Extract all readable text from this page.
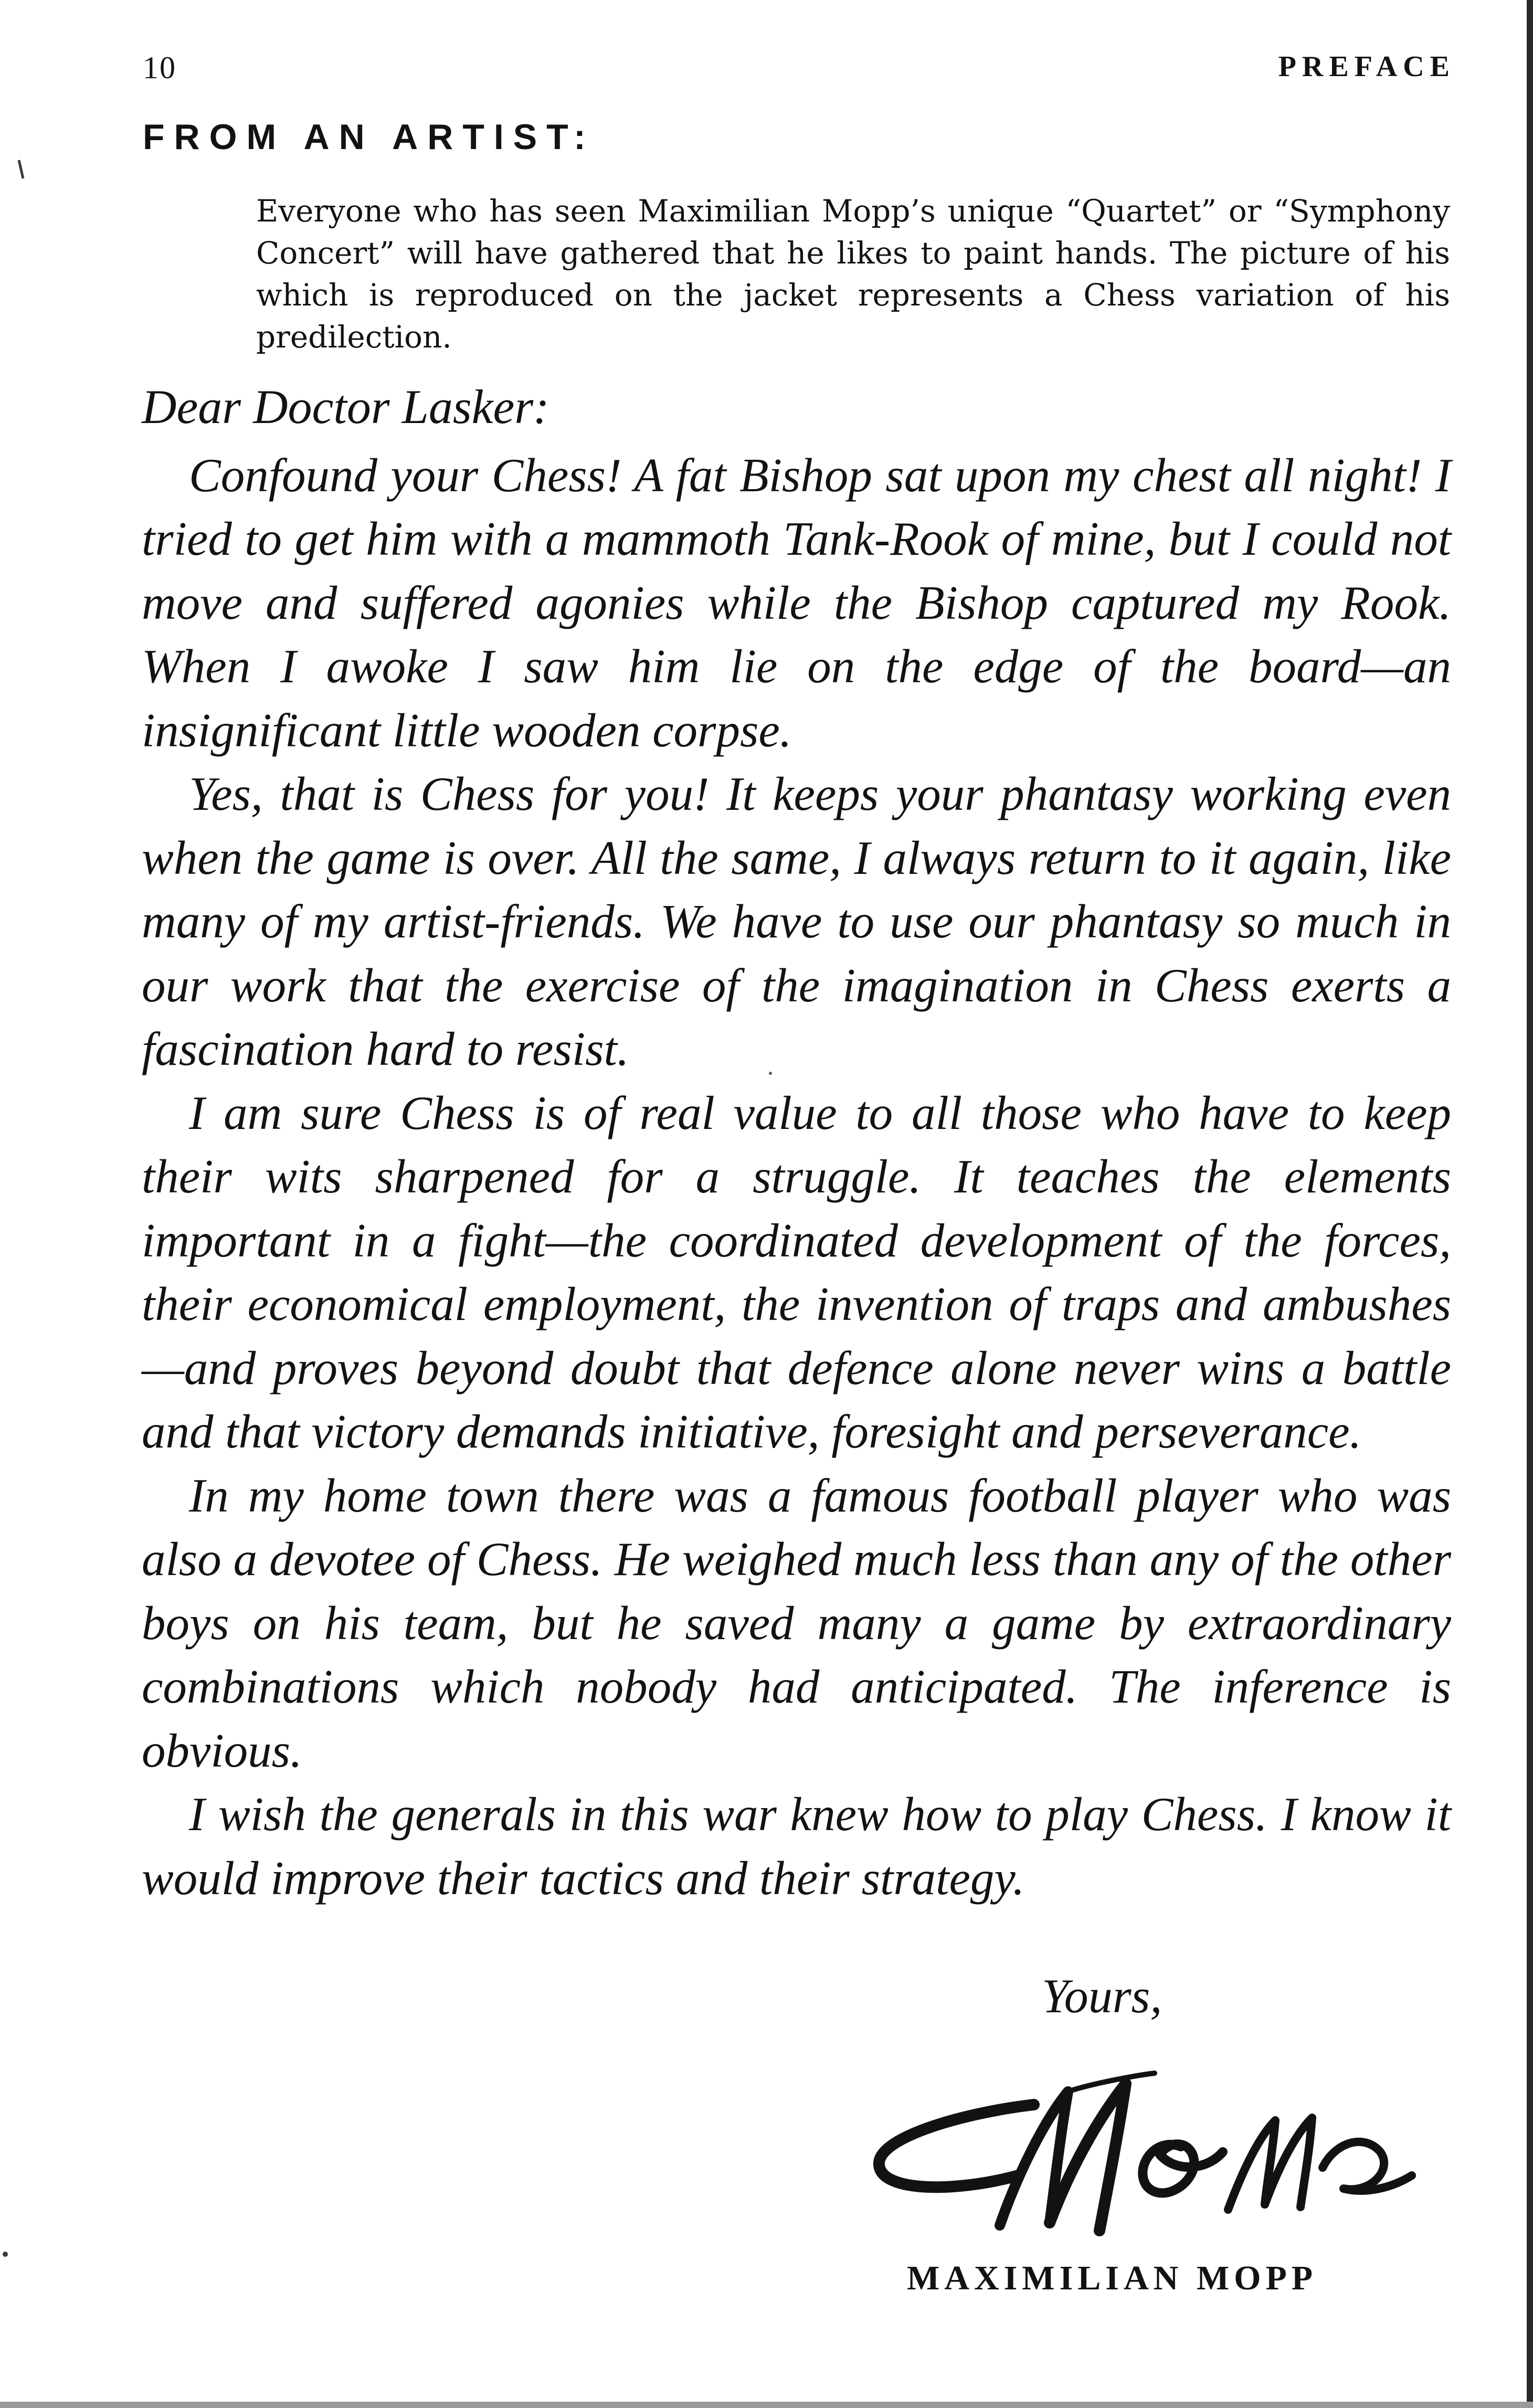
10	PREFACE
FROM AN ARTIST:
Everyone who has seen Maximilian Mopp’s unique “Quartet” or “Symphony Concert” will have gathered that he likes to paint hands. The picture of his which is reproduced on the jacket represents a Chess variation of his predilection.
Dear Doctor Lasker:

Confound your Chess! A fat Bishop sat upon my chest all night! I tried to get him with a mammoth Tank-Rook of mine, but I could not move and suffered agonies while the Bishop captured my Rook. When I awoke I saw him lie on the edge of the board—an insignificant little wooden corpse.

Yes, that is Chess for you! It keeps your phantasy working even when the game is over. All the same, I always return to it again, like many of my artist-friends. We have to use our phantasy so much in our work that the exercise of the imagination in Chess exerts a fascination hard to resist.

I am sure Chess is of real value to all those who have to keep their wits sharpened for a struggle. It teaches the elements important in a fight—the coordinated development of the forces, their economical employment, the invention of traps and ambushes—and proves beyond doubt that defence alone never wins a battle and that victory demands initiative, foresight and perseverance.

In my home town there was a famous football player who was also a devotee of Chess. He weighed much less than any of the other boys on his team, but he saved many a game by extraordinary combinations which nobody had anticipated. The inference is obvious.

I wish the generals in this war knew how to play Chess. I know it would improve their tactics and their strategy.

Yours,
MAXIMILIAN MOPP
